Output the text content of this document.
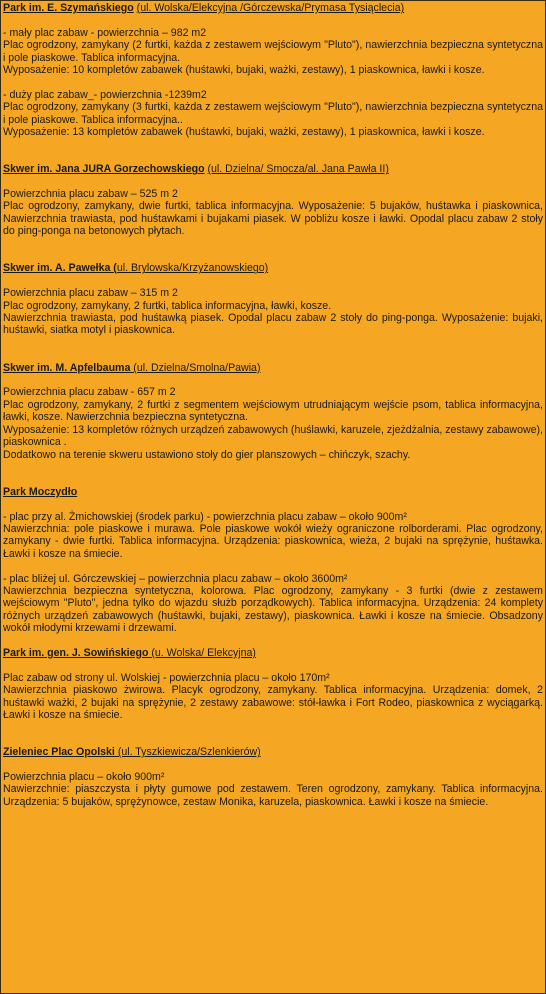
Park im. E. Szymańskiego (ul. Wolska/Elekcyjna /Górczewska/Prymasa Tysiąclecia)

- mały plac zabaw - powierzchnia – 982 m2

Plac ogrodzony, zamykany (2 furtki, każda z zestawem wejściowym "Pluto"), nawierzchnia bezpieczna syntetyczna i pole piaskowe. Tablica informacyjna.

Wyposażenie: 10 kompletów zabawek (huśtawki, bujaki, ważki, zestawy), 1 piaskownica, ławki i kosze.

- duży plac zabaw_- powierzchnia -1239m2

Plac ogrodzony, zamykany (3 furtki, każda z zestawem wejściowym "Pluto"), nawierzchnia bezpieczna syntetyczna i pole piaskowe. Tablica informacyjna..

Wyposażenie: 13 kompletów zabawek (huśtawki, bujaki, ważki, zestawy), 1 piaskownica, ławki i kosze.

Skwer im. Jana JURA Gorzechowskiego (ul. Dzielna/ Smocza/al. Jana Pawła II)

Powierzchnia placu zabaw – 525 m 2

Plac ogrodzony, zamykany, dwie furtki, tablica informacyjna. Wyposażenie: 5 bujaków, huśtawka i piaskownica, Nawierzchnia trawiasta, pod huśtawkami i bujakami piasek. W pobliżu kosze i ławki. Opodal placu zabaw 2 stoły do ping-ponga na betonowych płytach.

Skwer im. A. Pawełka (ul. Brylowska/Krzyżanowskiego)

Powierzchnia placu zabaw – 315 m 2

Plac ogrodzony, zamykany, 2 furtki, tablica informacyjna, ławki, kosze.

Nawierzchnia trawiasta, pod huśtawką piasek. Opodal placu zabaw 2 stoły do ping-ponga. Wyposażenie: bujaki, huśtawki, siatka motyl i piaskownica.

Skwer im. M. Apfelbauma (ul. Dzielna/Smolna/Pawia)

Powierzchnia placu zabaw - 657 m 2

Plac ogrodzony, zamykany, 2 furtki z segmentem wejściowym utrudniającym wejście psom, tablica informacyjna, ławki, kosze. Nawierzchnia bezpieczna syntetyczna.

Wyposażenie: 13 kompletów różnych urządzeń zabawowych (huślawki, karuzele, zjeżdżalnia, zestawy zabawowe), piaskownica .

Dodatkowo na terenie skweru ustawiono stoły do gier planszowych – chińczyk, szachy.

Park Moczydło

- plac przy al. Żmichowskiej (środek parku) - powierzchnia placu zabaw – około 900m²

Nawierzchnia: pole piaskowe i murawa. Pole piaskowe wokół wieży ograniczone rolborderami. Plac ogrodzony, zamykany - dwie furtki. Tablica informacyjna. Urządzenia: piaskownica, wieża, 2 bujaki na sprężynie, huśtawka. Ławki i kosze na śmiecie.

- plac bliżej ul. Górczewskiej – powierzchnia placu zabaw – około 3600m²

Nawierzchnia bezpieczna syntetyczna, kolorowa. Plac ogrodzony, zamykany - 3 furtki (dwie z zestawem wejściowym "Pluto", jedna tylko do wjazdu służb porządkowych). Tablica informacyjna. Urządzenia: 24 komplety różnych urządzeń zabawowych (huśtawki, bujaki, zestawy), piaskownica. Ławki i kosze na śmiecie. Obsadzony wokół młodymi krzewami i drzewami.

Park im. gen. J. Sowińskiego (u. Wolska/ Elekcyjna)

Plac zabaw od strony ul. Wolskiej - powierzchnia placu – około 170m²

Nawierzchnia piaskowo żwirowa. Placyk ogrodzony, zamykany. Tablica informacyjna. Urządzenia: domek, 2 huśtawki ważki, 2 bujaki na sprężynie, 2 zestawy zabawowe: stół-ławka i Fort Rodeo, piaskownica z wyciągarką. Ławki i kosze na śmiecie.

Zieleniec Plac Opolski (ul. Tyszkiewicza/Szlenkierów)

Powierzchnia placu – około 900m²

Nawierzchnie: piaszczysta i płyty gumowe pod zestawem. Teren ogrodzony, zamykany. Tablica informacyjna. Urządzenia: 5 bujaków, sprężynowce, zestaw Monika, karuzela, piaskownica. Ławki i kosze na śmiecie.
